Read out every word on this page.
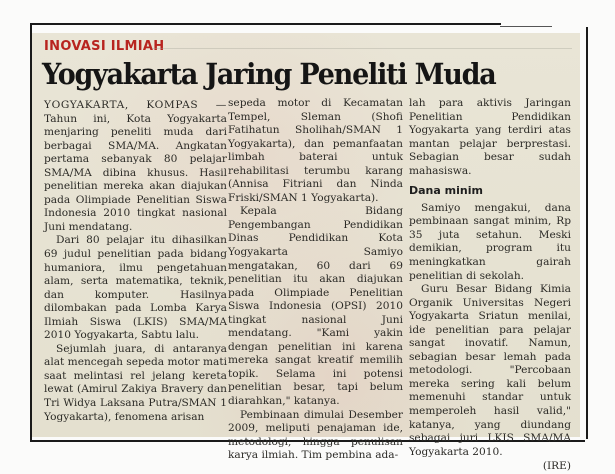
INOVASI ILMIAH
Yogyakarta Jaring Peneliti Muda

YOGYAKARTA, KOMPAS — Tahun ini, Kota Yogyakarta menjaring peneliti muda dari berbagai SMA/MA. Angkatan pertama sebanyak 80 pelajar SMA/MA dibina khusus. Hasil penelitian mereka akan diajukan pada Olimpiade Penelitian Siswa Indonesia 2010 tingkat nasional Juni mendatang.

Dari 80 pelajar itu dihasilkan 69 judul penelitian pada bidang humaniora, ilmu pengetahuan alam, serta matematika, teknik, dan komputer. Hasilnya dilombakan pada Lomba Karya Ilmiah Siswa (LKIS) SMA/MA 2010 Yogyakarta, Sabtu lalu.

Sejumlah juara, di antaranya alat mencegah sepeda motor mati saat melintasi rel jelang kereta lewat (Amirul Zakiya Bravery dan Tri Widya Laksana Putra/SMAN 1 Yogyakarta), fenomena arisan

sepeda motor di Kecamatan Tempel, Sleman (Shofi Fatihatun Sholihah/SMAN 1 Yogyakarta), dan pemanfaatan limbah baterai untuk rehabilitasi terumbu karang (Annisa Fitriani dan Ninda Friski/SMAN 1 Yogyakarta).

Kepala Bidang Pengembangan Pendidikan Dinas Pendidikan Kota Yogyakarta Samiyo mengatakan, 60 dari 69 penelitian itu akan diajukan pada Olimpiade Penelitian Siswa Indonesia (OPSI) 2010 tingkat nasional Juni mendatang. "Kami yakin dengan penelitian ini karena mereka sangat kreatif memilih topik. Selama ini potensi penelitian besar, tapi belum diarahkan," katanya.

Pembinaan dimulai Desember 2009, meliputi penajaman ide, metodologi, hingga penulisan karya ilmiah. Tim pembina ada-

lah para aktivis Jaringan Penelitian Pendidikan Yogyakarta yang terdiri atas mantan pelajar berprestasi. Sebagian besar sudah mahasiswa.

Dana minim

Samiyo mengakui, dana pembinaan sangat minim, Rp 35 juta setahun. Meski demikian, program itu meningkatkan gairah penelitian di sekolah.

Guru Besar Bidang Kimia Organik Universitas Negeri Yogyakarta Sriatun menilai, ide penelitian para pelajar sangat inovatif. Namun, sebagian besar lemah pada metodologi. "Percobaan mereka sering kali belum memenuhi standar untuk memperoleh hasil valid," katanya, yang diundang sebagai juri LKIS SMA/MA Yogyakarta 2010.

(IRE)
